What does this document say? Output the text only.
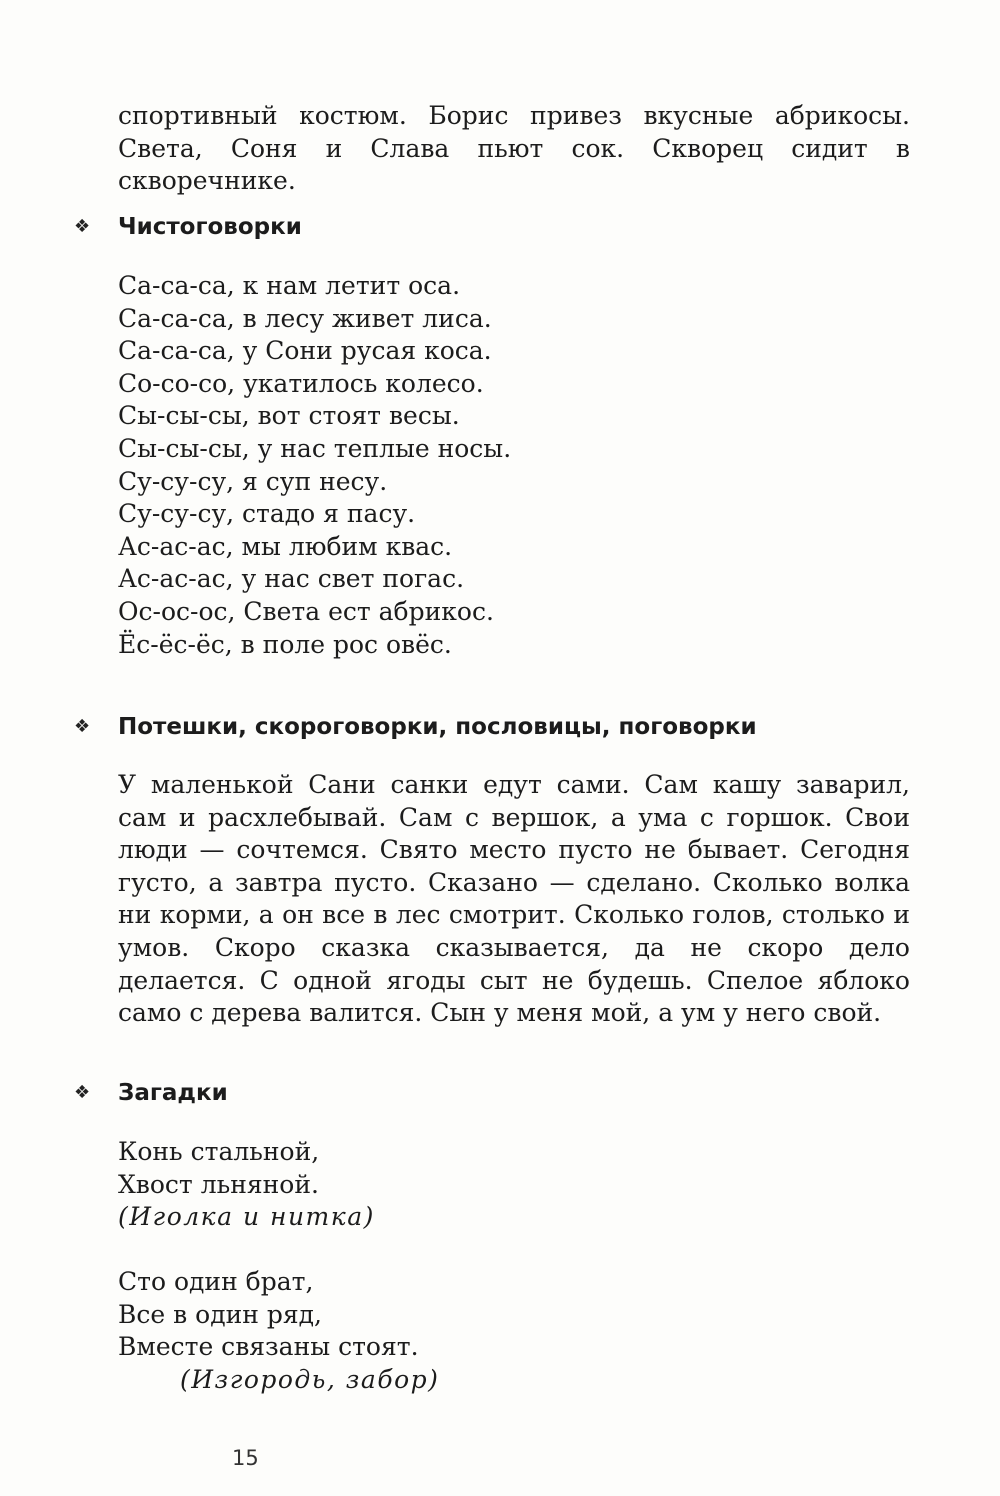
спортивный костюм. Борис привез вкусные абрикосы. Света, Соня и Слава пьют сок. Скворец сидит в скворечнике.

❖	Чистоговорки
Са-са-са, к нам летит оса.
Са-са-са, в лесу живет лиса.
Са-са-са, у Сони русая коса.
Со-со-со, укатилось колесо.
Сы-сы-сы, вот стоят весы.
Сы-сы-сы, у нас теплые носы.
Су-су-су, я суп несу.
Су-су-су, стадо я пасу.
Ас-ас-ас, мы любим квас.
Ас-ас-ас, у нас свет погас.
Ос-ос-ос, Света ест абрикос.
Ёс-ёс-ёс, в поле рос овёс.
❖	Потешки, скороговорки, пословицы, поговорки

У маленькой Сани санки едут сами. Сам кашу заварил, сам и расхлебывай. Сам с вершок, а ума с горшок. Свои люди — сочтемся. Свято место пусто не бывает. Сегодня густо, а завтра пусто. Сказано — сделано. Сколько волка ни корми, а он все в лес смотрит. Сколько голов, столько и умов. Скоро сказка сказывается, да не скоро дело делается. С одной ягоды сыт не будешь. Спелое яблоко само с дерева валится. Сын у меня мой, а ум у него свой.

❖	Загадки
Конь стальной,
Хвост льняной.
(Иголка и нитка)
Сто один брат,
Все в один ряд,
Вместе связаны стоят.
(Изгородь, забор)
15
